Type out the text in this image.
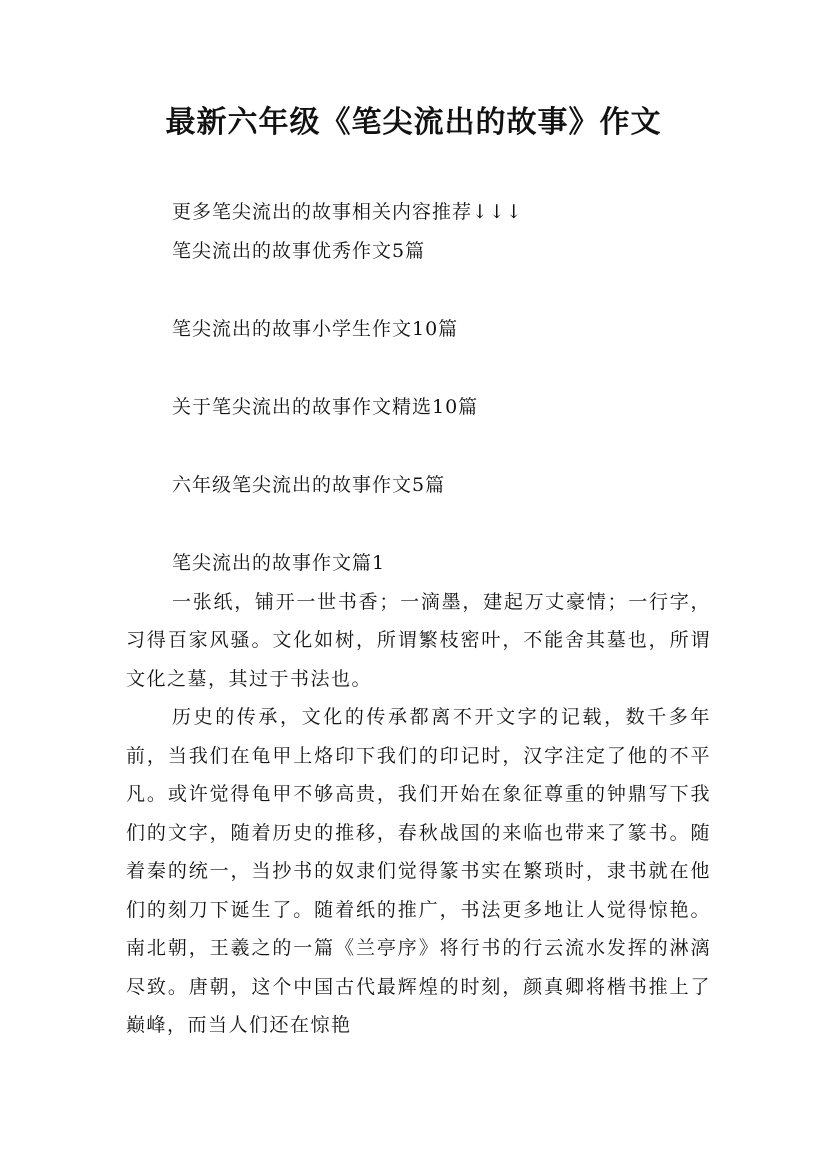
最新六年级《笔尖流出的故事》作文
更多笔尖流出的故事相关内容推荐↓↓↓
笔尖流出的故事优秀作文5篇
笔尖流出的故事小学生作文10篇
关于笔尖流出的故事作文精选10篇
六年级笔尖流出的故事作文5篇
笔尖流出的故事作文篇1

一张纸，铺开一世书香；一滴墨，建起万丈豪情；一行字，习得百家风骚。文化如树，所谓繁枝密叶，不能舍其墓也，所谓文化之墓，其过于书法也。

历史的传承，文化的传承都离不开文字的记载，数千多年前，当我们在龟甲上烙印下我们的印记时，汉字注定了他的不平凡。或许觉得龟甲不够高贵，我们开始在象征尊重的钟鼎写下我们的文字，随着历史的推移，春秋战国的来临也带来了篆书。随着秦的统一，当抄书的奴隶们觉得篆书实在繁琐时，隶书就在他们的刻刀下诞生了。随着纸的推广，书法更多地让人觉得惊艳。南北朝，王羲之的一篇《兰亭序》将行书的行云流水发挥的淋漓尽致。唐朝，这个中国古代最辉煌的时刻，颜真卿将楷书推上了巅峰，而当人们还在惊艳
